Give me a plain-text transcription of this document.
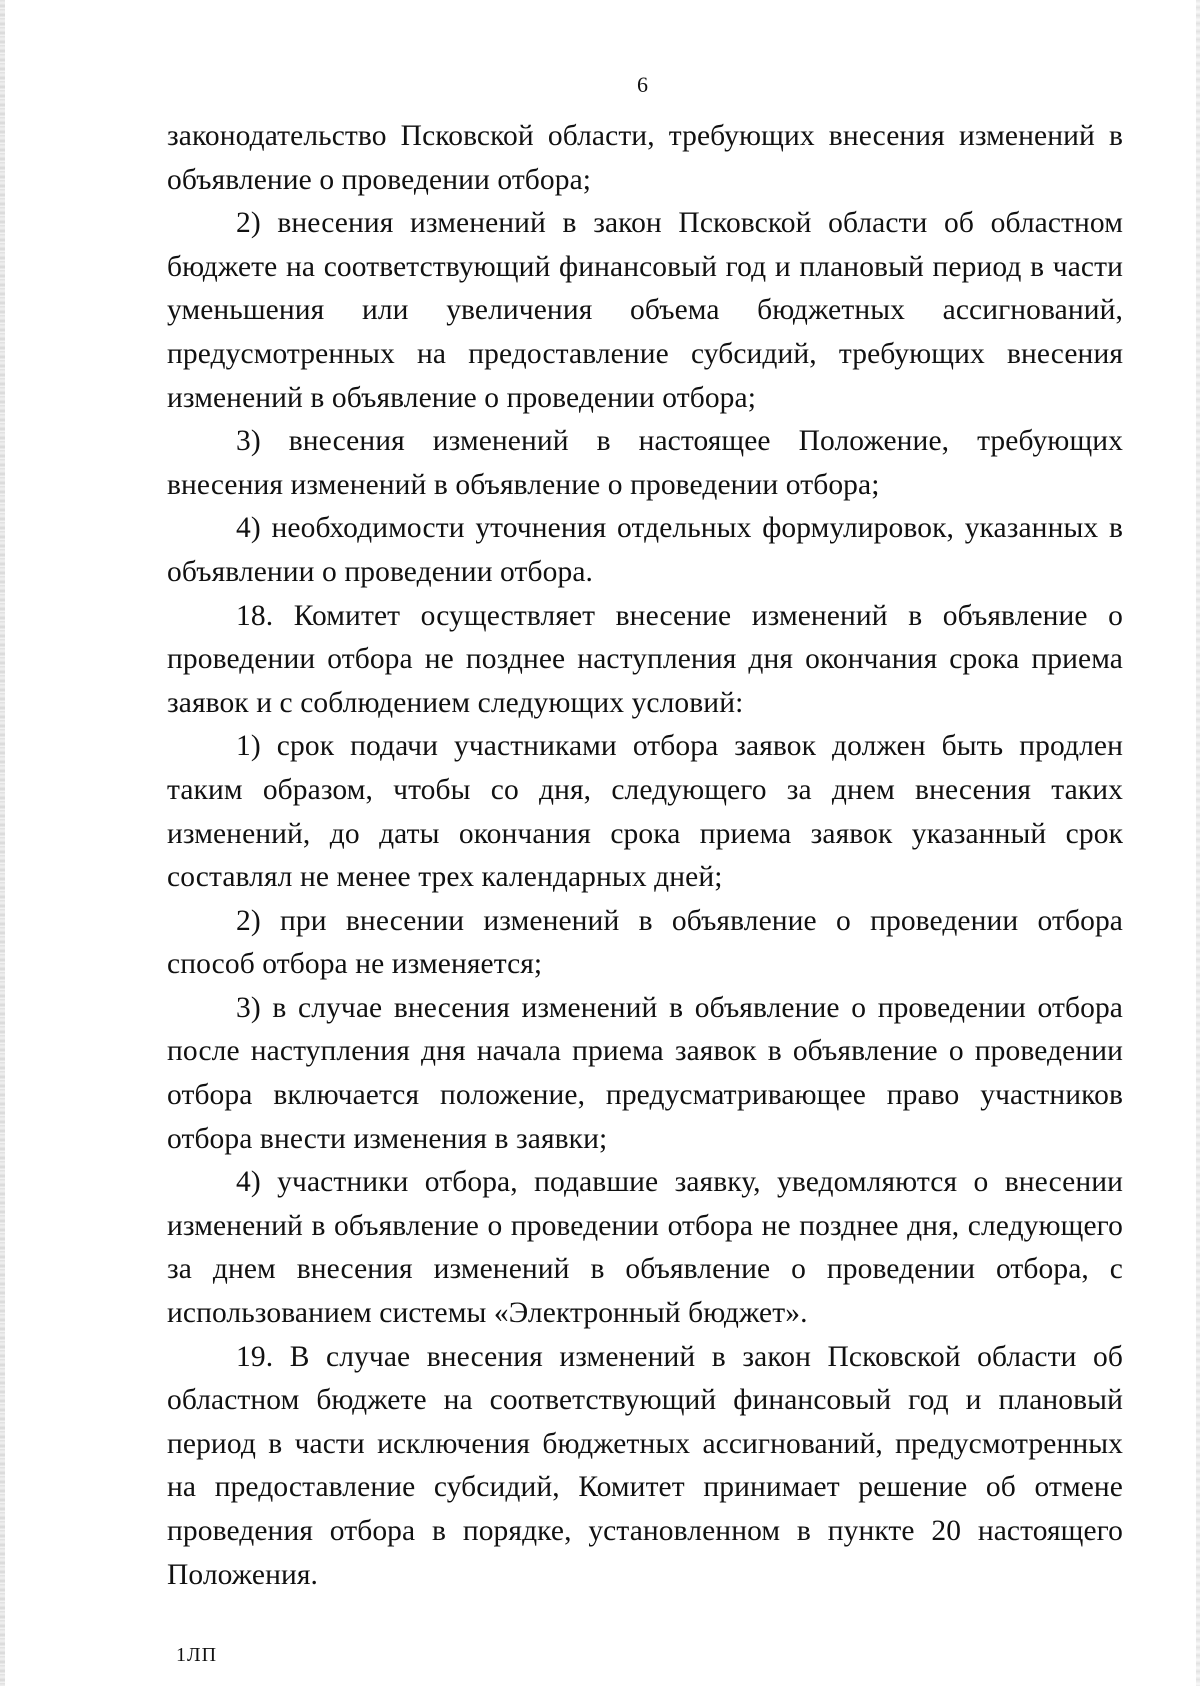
6

законодательство Псковской области, требующих внесения изменений в объявление о проведении отбора;

2) внесения изменений в закон Псковской области об областном бюджете на соответствующий финансовый год и плановый период в части уменьшения или увеличения объема бюджетных ассигнований, предусмотренных на предоставление субсидий, требующих внесения изменений в объявление о проведении отбора;

3) внесения изменений в настоящее Положение, требующих внесения изменений в объявление о проведении отбора;

4) необходимости уточнения отдельных формулировок, указанных в объявлении о проведении отбора.

18. Комитет осуществляет внесение изменений в объявление о проведении отбора не позднее наступления дня окончания срока приема заявок и с соблюдением следующих условий:

1) срок подачи участниками отбора заявок должен быть продлен таким образом, чтобы со дня, следующего за днем внесения таких изменений, до даты окончания срока приема заявок указанный срок составлял не менее трех календарных дней;

2) при внесении изменений в объявление о проведении отбора способ отбора не изменяется;

3) в случае внесения изменений в объявление о проведении отбора после наступления дня начала приема заявок в объявление о проведении отбора включается положение, предусматривающее право участников отбора внести изменения в заявки;

4) участники отбора, подавшие заявку, уведомляются о внесении изменений в объявление о проведении отбора не позднее дня, следующего за днем внесения изменений в объявление о проведении отбора, с использованием системы «Электронный бюджет».

19. В случае внесения изменений в закон Псковской области об областном бюджете на соответствующий финансовый год и плановый период в части исключения бюджетных ассигнований, предусмотренных на предоставление субсидий, Комитет принимает решение об отмене проведения отбора в порядке, установленном в пункте 20 настоящего Положения.

1ЛП
